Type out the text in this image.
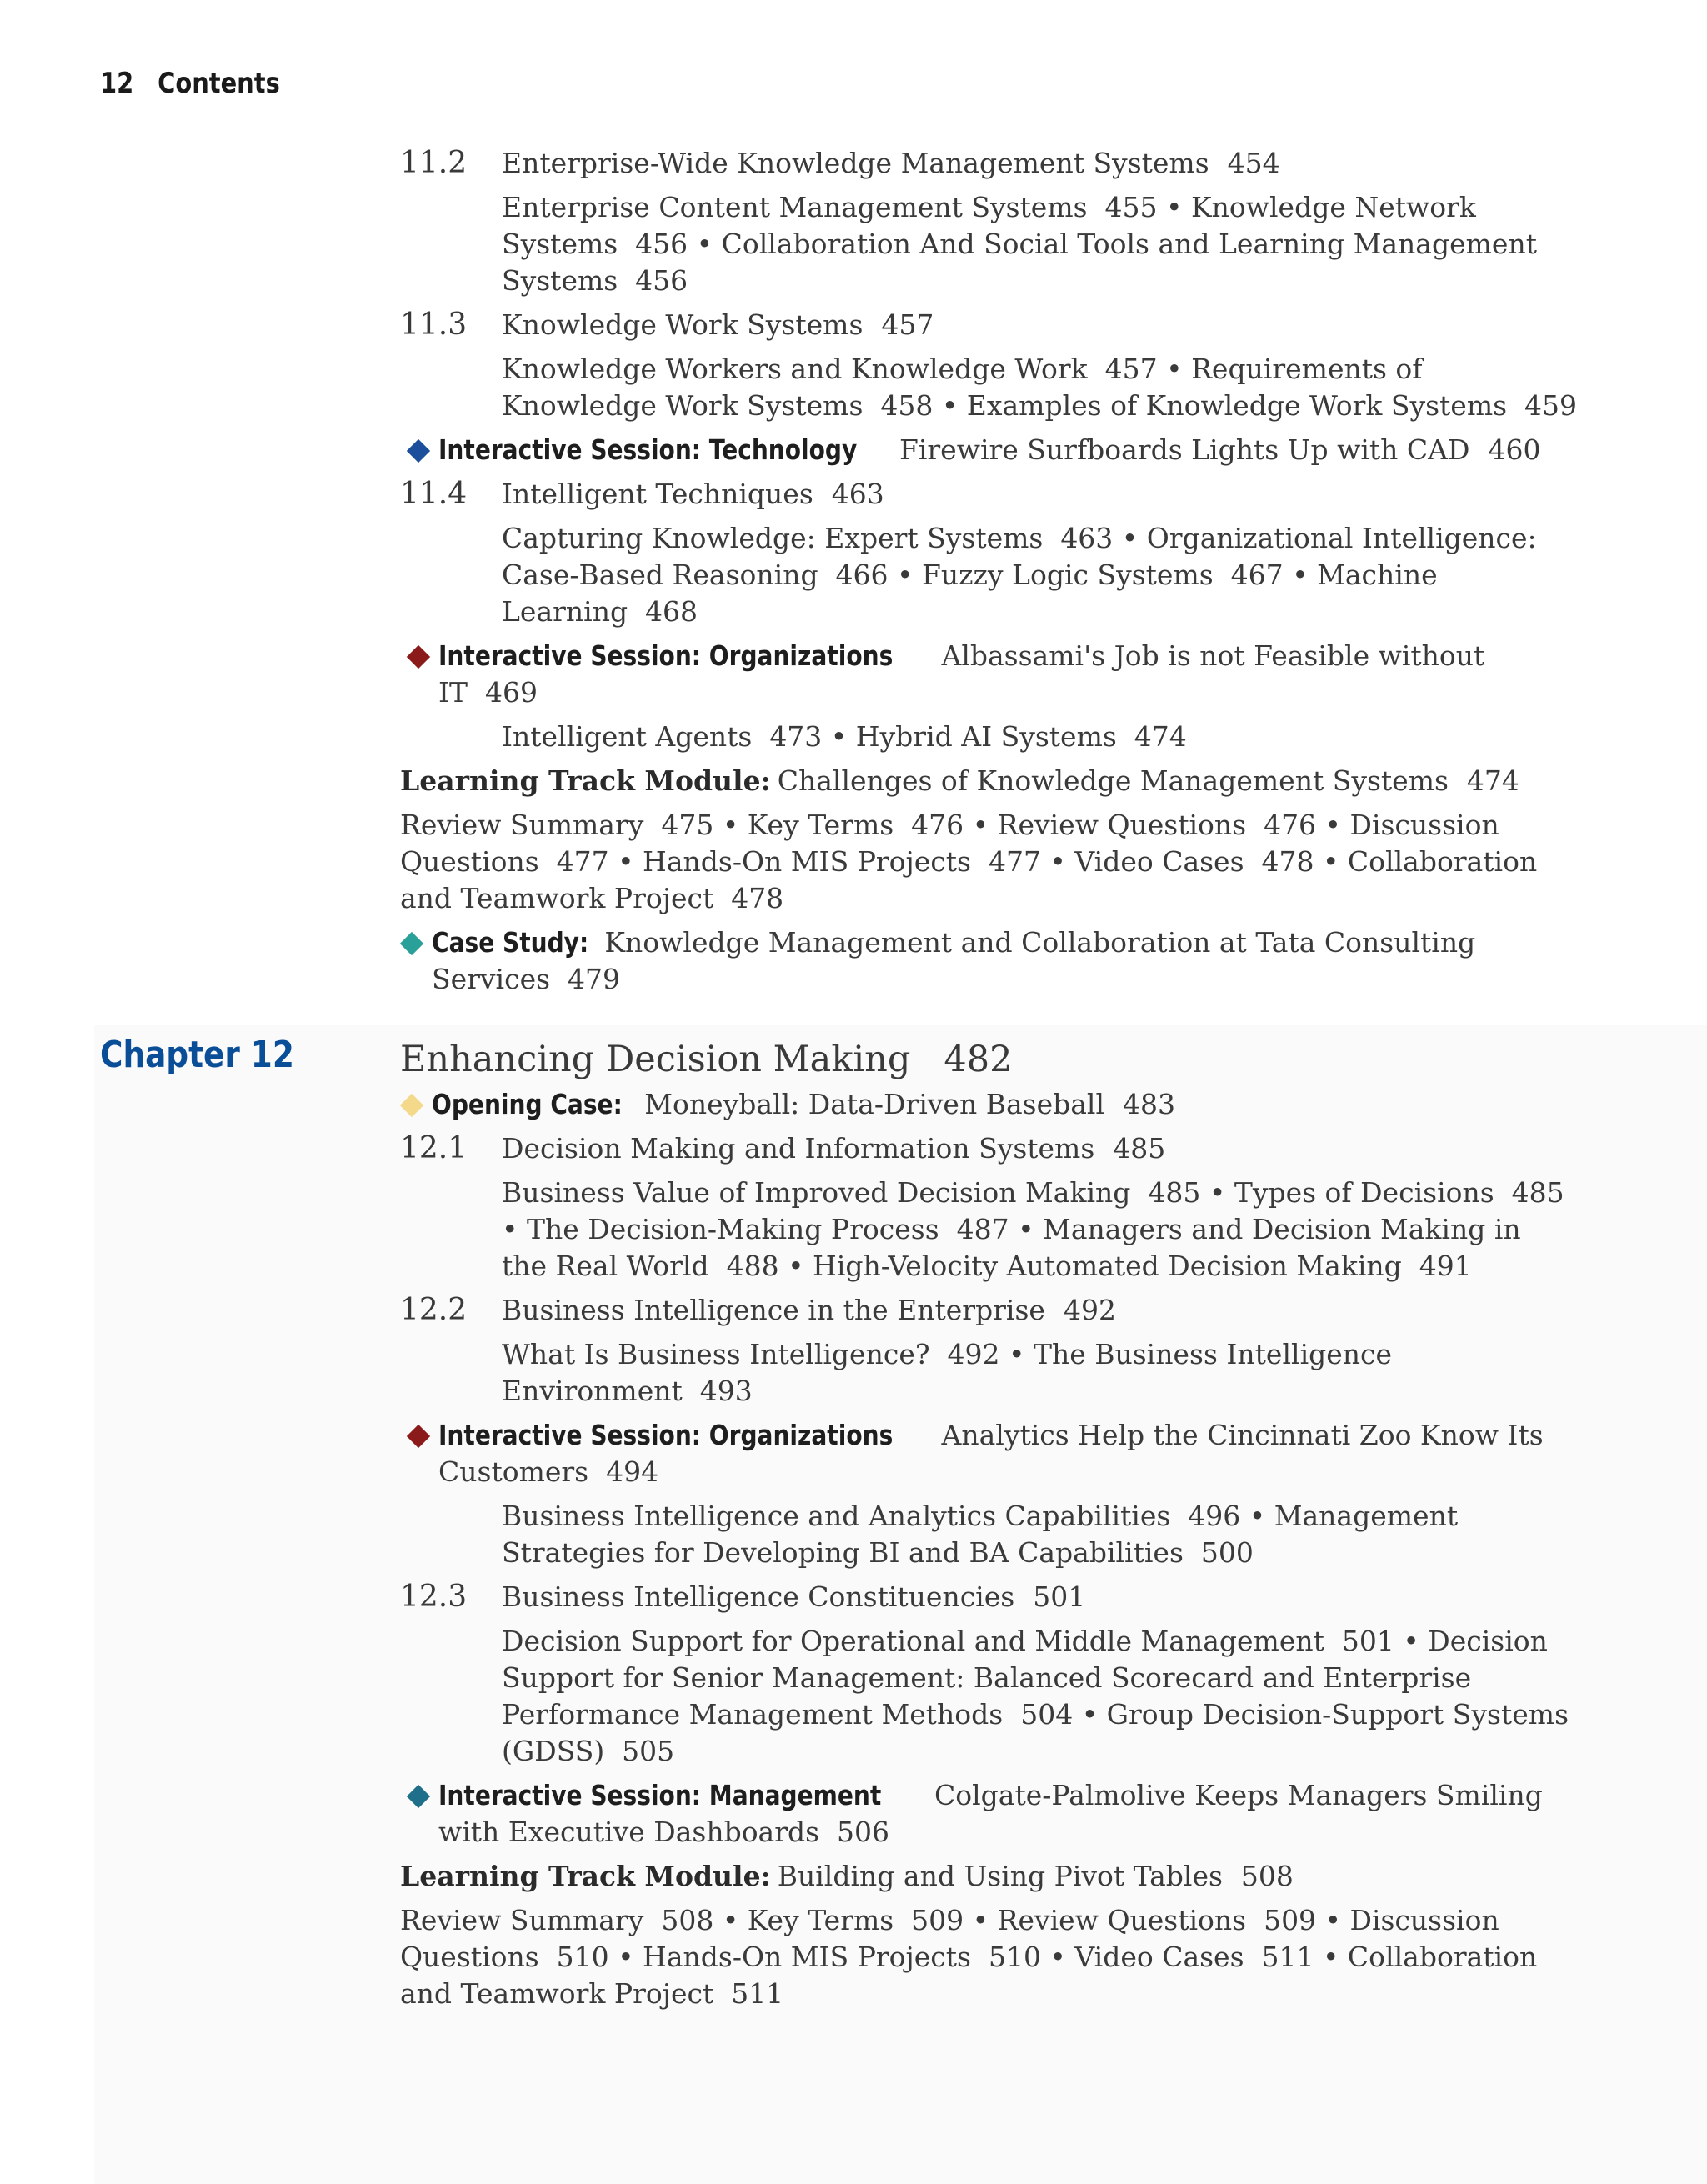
12 Contents
Chapter 12
11.2 Enterprise-Wide Knowledge Management Systems 454
Enterprise Content Management Systems  455 • Knowledge Network
Systems  456 • Collaboration And Social Tools and Learning Management
Systems  456
11.3 Knowledge Work Systems 457
Knowledge Workers and Knowledge Work  457 • Requirements of
Knowledge Work Systems  458 • Examples of Knowledge Work Systems  459
Interactive Session: Technology Firewire Surfboards Lights Up with CAD 460
11.4 Intelligent Techniques 463
Capturing Knowledge: Expert Systems  463 • Organizational Intelligence:
Case-Based Reasoning  466 • Fuzzy Logic Systems  467 • Machine
Learning  468
Interactive Session: Organizations Albassami's Job is not Feasible without
IT  469
Intelligent Agents  473 • Hybrid AI Systems  474
Learning Track Module: Challenges of Knowledge Management Systems 474
Review Summary  475 • Key Terms  476 • Review Questions  476 • Discussion
Questions  477 • Hands-On MIS Projects  477 • Video Cases  478 • Collaboration
and Teamwork Project  478
Case Study: Knowledge Management and Collaboration at Tata Consulting
Services  479
Enhancing Decision Making 482
Opening Case: Moneyball: Data-Driven Baseball 483
12.1 Decision Making and Information Systems 485
Business Value of Improved Decision Making  485 • Types of Decisions  485
• The Decision-Making Process  487 • Managers and Decision Making in
the Real World  488 • High-Velocity Automated Decision Making  491
12.2 Business Intelligence in the Enterprise 492
What Is Business Intelligence?  492 • The Business Intelligence
Environment  493
Interactive Session: Organizations Analytics Help the Cincinnati Zoo Know Its
Customers  494
Business Intelligence and Analytics Capabilities  496 • Management
Strategies for Developing BI and BA Capabilities  500
12.3 Business Intelligence Constituencies 501
Decision Support for Operational and Middle Management  501 • Decision
Support for Senior Management: Balanced Scorecard and Enterprise
Performance Management Methods  504 • Group Decision-Support Systems
(GDSS)  505
Interactive Session: Management Colgate-Palmolive Keeps Managers Smiling
with Executive Dashboards  506
Learning Track Module: Building and Using Pivot Tables 508
Review Summary  508 • Key Terms  509 • Review Questions  509 • Discussion
Questions  510 • Hands-On MIS Projects  510 • Video Cases  511 • Collaboration
and Teamwork Project  511
